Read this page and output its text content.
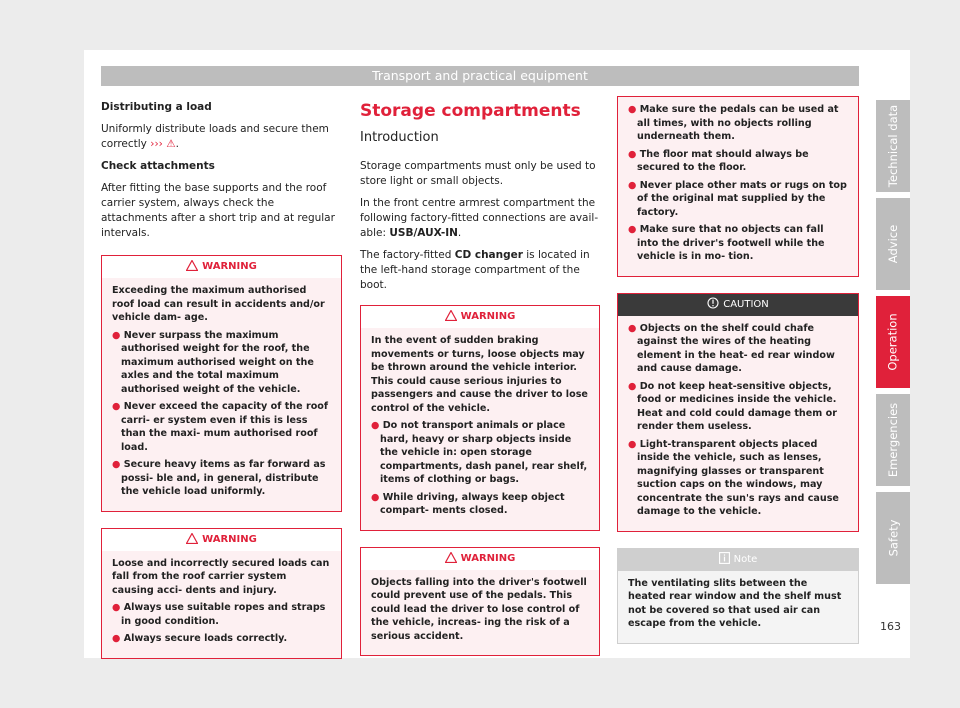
Transport and practical equipment

Distributing a load

Uniformly distribute loads and secure them correctly ››› ⚠.

Check attachments

After fitting the base supports and the roof carrier system, always check the attachments after a short trip and at regular intervals.

WARNING

Exceeding the maximum authorised roof load can result in accidents and/or vehicle dam- age.

● Never surpass the maximum authorised weight for the roof, the maximum authorised weight on the axles and the total maximum authorised weight of the vehicle.

● Never exceed the capacity of the roof carri- er system even if this is less than the maxi- mum authorised roof load.

● Secure heavy items as far forward as possi- ble and, in general, distribute the vehicle load uniformly.

WARNING

Loose and incorrectly secured loads can fall from the roof carrier system causing acci- dents and injury.

● Always use suitable ropes and straps in good condition.

● Always secure loads correctly.

Storage compartments
Introduction

Storage compartments must only be used to store light or small objects.

In the front centre armrest compartment the following factory-fitted connections are avail- able: USB/AUX-IN.

The factory-fitted CD changer is located in the left-hand storage compartment of the boot.

WARNING

In the event of sudden braking movements or turns, loose objects may be thrown around the vehicle interior. This could cause serious injuries to passengers and cause the driver to lose control of the vehicle.

● Do not transport animals or place hard, heavy or sharp objects inside the vehicle in: open storage compartments, dash panel, rear shelf, items of clothing or bags.

● While driving, always keep object compart- ments closed.

WARNING

Objects falling into the driver's footwell could prevent use of the pedals. This could lead the driver to lose control of the vehicle, increas- ing the risk of a serious accident.

● Make sure the pedals can be used at all times, with no objects rolling underneath them.

● The floor mat should always be secured to the floor.

● Never place other mats or rugs on top of the original mat supplied by the factory.

● Make sure that no objects can fall into the driver's footwell while the vehicle is in mo- tion.

CAUTION

● Objects on the shelf could chafe against the wires of the heating element in the heat- ed rear window and cause damage.

● Do not keep heat-sensitive objects, food or medicines inside the vehicle. Heat and cold could damage them or render them useless.

● Light-transparent objects placed inside the vehicle, such as lenses, magnifying glasses or transparent suction caps on the windows, may concentrate the sun's rays and cause damage to the vehicle.

Note

The ventilating slits between the heated rear window and the shelf must not be covered so that used air can escape from the vehicle.

Technical data
Advice
Operation
Emergencies
Safety
163
